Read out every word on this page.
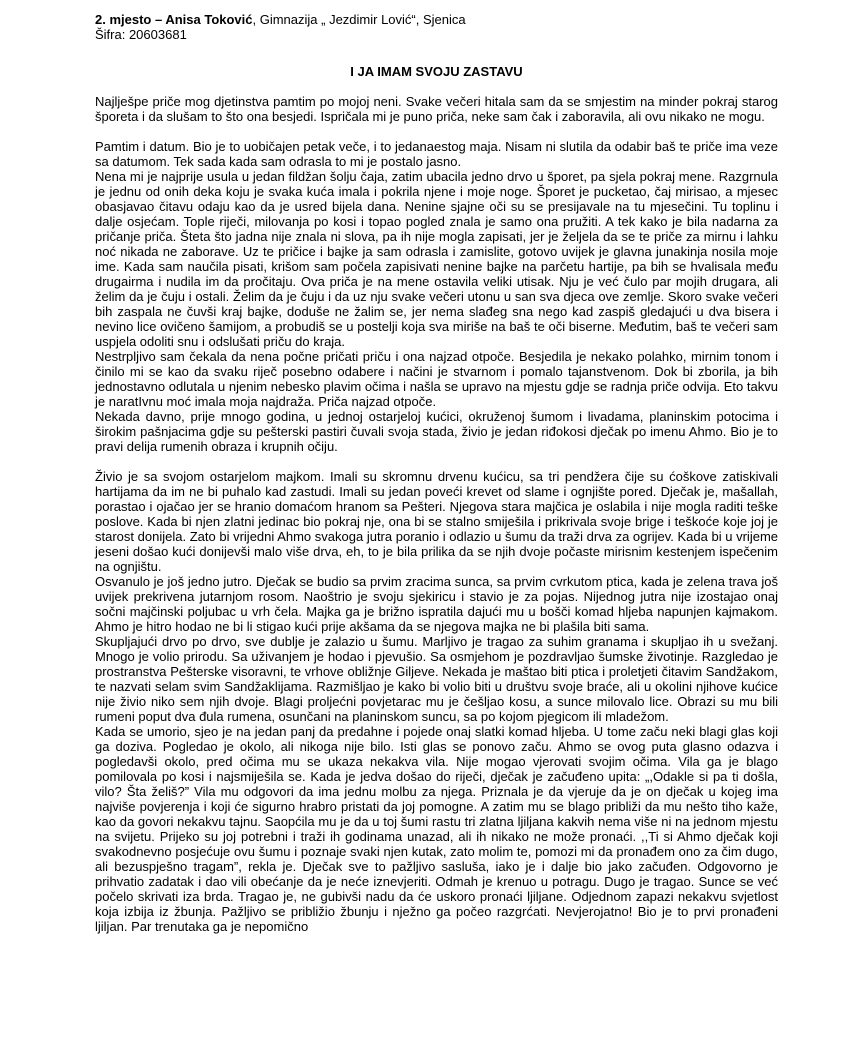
2. mjesto – Anisa Toković, Gimnazija „ Jezdimir Lović“, Sjenica
Šifra: 20603681
I JA IMAM SVOJU ZASTAVU

Najlješpe priče mog djetinstva pamtim po mojoj neni. Svake večeri hitala sam da se smjestim na minder pokraj starog šporeta i da slušam to što ona besjedi. Ispričala mi je puno priča, neke sam čak i zaboravila, ali ovu nikako ne mogu.

Pamtim i datum. Bio je to uobičajen petak veče, i to jedanaestog maja. Nisam ni slutila da odabir baš te priče ima veze sa datumom. Tek sada kada sam odrasla to mi je postalo jasno.

Nena mi je najprije usula u jedan fildžan šolju čaja, zatim ubacila jedno drvo u šporet, pa sjela pokraj mene. Razgrnula je jednu od onih deka koju je svaka kuća imala i pokrila njene i moje noge. Šporet je pucketao, čaj mirisao, a mjesec obasjavao čitavu odaju kao da je usred bijela dana. Nenine sjajne oči su se presijavale na tu mjesečini. Tu toplinu i dalje osjećam. Tople riječi, milovanja po kosi i topao pogled znala je samo ona pružiti. A tek kako je bila nadarna za pričanje priča. Šteta što jadna nije znala ni slova, pa ih nije mogla zapisati, jer je željela da se te priče za mirnu i lahku noć nikada ne zaborave. Uz te pričice i bajke ja sam odrasla i zamislite, gotovo uvijek je glavna junakinja nosila moje ime. Kada sam naučila pisati, krišom sam počela zapisivati nenine bajke na parčetu hartije, pa bih se hvalisala među drugairma i nudila im da pročitaju. Ova priča je na mene ostavila veliki utisak. Nju je već čulo par mojih drugara, ali želim da je čuju i ostali. Želim da je čuju i da uz nju svake večeri utonu u san sva djeca ove zemlje. Skoro svake večeri bih zaspala ne čuvši kraj bajke, doduše ne žalim se, jer nema slađeg sna nego kad zaspiš gledajući u dva bisera i nevino lice ovičeno šamijom, a probudiš se u postelji koja sva miriše na baš te oči biserne. Međutim, baš te večeri sam uspjela odoliti snu i odslušati priču do kraja.

Nestrpljivo sam čekala da nena počne pričati priču i ona najzad otpoče. Besjedila je nekako polahko, mirnim tonom i činilo mi se kao da svaku riječ posebno odabere i načini je stvarnom i pomalo tajanstvenom. Dok bi zborila, ja bih jednostavno odlutala u njenim nebesko plavim očima i našla se upravo na mjestu gdje se radnja priče odvija. Eto takvu je naratIvnu moć imala moja najdraža. Priča najzad otpoče.

Nekada davno, prije mnogo godina, u jednoj ostarjeloj kućici, okruženoj šumom i livadama, planinskim potocima i širokim pašnjacima gdje su pešterski pastiri čuvali svoja stada, živio je jedan riđokosi dječak po imenu Ahmo. Bio je to pravi delija rumenih obraza i krupnih očiju.

Živio je sa svojom ostarjelom majkom. Imali su skromnu drvenu kućicu, sa tri pendžera čije su ćoškove zatiskivali hartijama da im ne bi puhalo kad zastudi. Imali su jedan poveći krevet od slame i ognjište pored. Dječak je, mašallah, porastao i ojačao jer se hranio domaćom hranom sa Pešteri. Njegova stara majčica je oslabila i nije mogla raditi teške poslove. Kada bi njen zlatni jedinac bio pokraj nje, ona bi se stalno smiješila i prikrivala svoje brige i teškoće koje joj je starost donijela. Zato bi vrijedni Ahmo svakoga jutra poranio i odlazio u šumu da traži drva za ogrijev. Kada bi u vrijeme jeseni došao kući donijevši malo više drva, eh, to je bila prilika da se njih dvoje počaste mirisnim kestenjem ispečenim na ognjištu.

Osvanulo je još jedno jutro. Dječak se budio sa prvim zracima sunca, sa prvim cvrkutom ptica, kada je zelena trava još uvijek prekrivena jutarnjom rosom. Naoštrio je svoju sjekiricu i stavio je za pojas. Nijednog jutra nije izostajao onaj sočni majčinski poljubac u vrh čela. Majka ga je brižno ispratila dajući mu u bošči komad hljeba napunjen kajmakom. Ahmo je hitro hodao ne bi li stigao kući prije akšama da se njegova majka ne bi plašila biti sama.

Skupljajući drvo po drvo, sve dublje je zalazio u šumu. Marljivo je tragao za suhim granama i skupljao ih u svežanj. Mnogo je volio prirodu. Sa uživanjem je hodao i pjevušio. Sa osmjehom je pozdravljao šumske životinje. Razgledao je prostranstva Pešterske visoravni, te vrhove obližnje Giljeve. Nekada je maštao biti ptica i proletjeti čitavim Sandžakom, te nazvati selam svim Sandžakliјama. Razmišljao je kako bi volio biti u društvu svoje braće, ali u okolini njihove kućice nije živio niko sem njih dvoje. Blagi proljećni povjetarac mu je češljao kosu, a sunce milovalo lice. Obrazi su mu bili rumeni poput dva đula rumena, osunčani na planinskom suncu, sa po kojom pjegicom ili mladežom.

Kada se umorio, sjeo je na jedan panj da predahne i pojede onaj slatki komad hljeba. U tome začu neki blagi glas koji ga doziva. Pogledao je okolo, ali nikoga nije bilo. Isti glas se ponovo začu. Ahmo se ovog puta glasno odazva i pogledavši okolo, pred očima mu se ukaza nekakva vila. Nije mogao vjerovati svojim očima. Vila ga je blago pomilovala po kosi i najsmiješila se. Kada je jedva došao do riječi, dječak je začuđeno upita: „,Odakle si pa ti došla, vilo? Šta želiš?” Vila mu odgovori da ima jednu molbu za njega. Priznala je da vjeruje da je on dječak u kojeg ima najviše povjerenja i koji će sigurno hrabro pristati da joj pomogne. A zatim mu se blago približi da mu nešto tiho kaže, kao da govori nekakvu tajnu. Saopćila mu je da u toj šumi rastu tri zlatna ljiljana kakvih nema više ni na jednom mjestu na svijetu. Prijeko su joj potrebni i traži ih godinama unazad, ali ih nikako ne može pronaći. ,,Ti si Ahmo dječak koji svakodnevno posjećuje ovu šumu i poznaje svaki njen kutak, zato molim te, pomozi mi da pronađem ono za čim dugo, ali bezuspješno tragam”, rekla je. Dječak sve to pažljivo sasluša, iako je i dalje bio jako začuđen. Odgovorno je prihvatio zadatak i dao vili obećanje da je neće iznevjeriti. Odmah je krenuo u potragu. Dugo je tragao. Sunce se već počelo skrivati iza brda. Tragao je, ne gubivši nadu da će uskoro pronaći ljiljane. Odjednom zapazi nekakvu svjetlost koja izbija iz žbunja. Pažljivo se približio žbunju i nježno ga počeo razgrćati. Nevjerojatno! Bio je to prvi pronađeni ljiljan. Par trenutaka ga je nepomično
